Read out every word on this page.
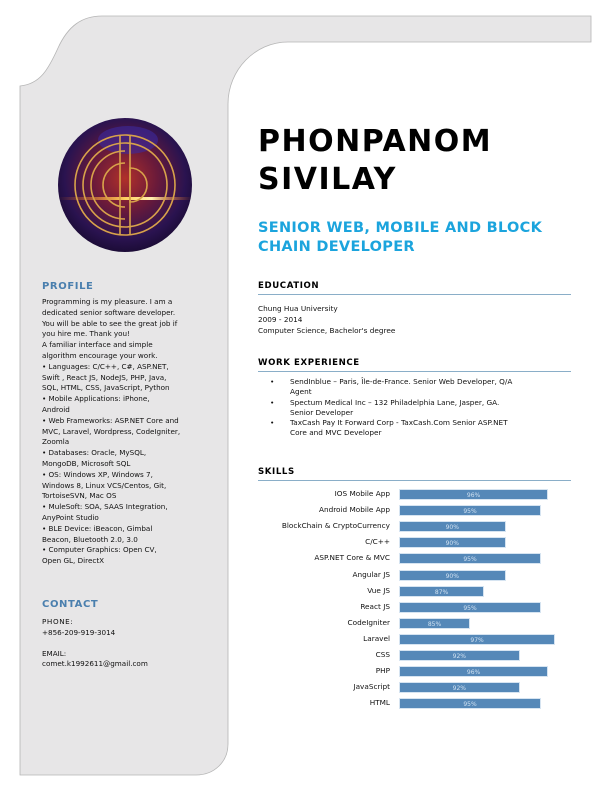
PHONPANOM
SIVILAY
SENIOR WEB, MOBILE AND BLOCK
CHAIN DEVELOPER
PROFILE
Programming is my pleasure. I am a
dedicated senior software developer.
You will be able to see the great job if
you hire me. Thank you!
A familiar interface and simple
algorithm encourage your work.
• Languages: C/C++, C#, ASP.NET,
Swift , React JS, NodeJS, PHP, Java,
SQL, HTML, CSS, JavaScript, Python
• Mobile Applications: iPhone,
Android
• Web Frameworks: ASP.NET Core and
MVC, Laravel, Wordpress, CodeIgniter,
Zoomla
• Databases: Oracle, MySQL,
MongoDB, Microsoft SQL
• OS: Windows XP, Windows 7,
Windows 8, Linux VCS/Centos, Git,
TortoiseSVN, Mac OS
• MuleSoft: SOA, SAAS Integration,
AnyPoint Studio
• BLE Device: iBeacon, Gimbal
Beacon, Bluetooth 2.0, 3.0
• Computer Graphics: Open CV,
Open GL, DirectX
CONTACT
PHONE:
+856-209-919-3014
EMAIL:
comet.k1992611@gmail.com
EDUCATION
Chung Hua University
2009 - 2014
Computer Science, Bachelor's degree
WORK EXPERIENCE
• SendInblue – Paris, Île-de-France. Senior Web Developer, Q/A
Agent
• Spectum Medical Inc – 132 Philadelphia Lane, Jasper, GA.
Senior Developer
• TaxCash Pay It Forward Corp - TaxCash.Com Senior ASP.NET
Core and MVC Developer
SKILLS
IOS Mobile App	96%
Android Mobile App	95%
BlockChain & CryptoCurrency	90%
C/C++	90%
ASP.NET Core & MVC	95%
Angular JS	90%
Vue JS	87%
React JS	95%
CodeIgniter	85%
Laravel	97%
CSS	92%
PHP	96%
JavaScript	92%
HTML	95%
